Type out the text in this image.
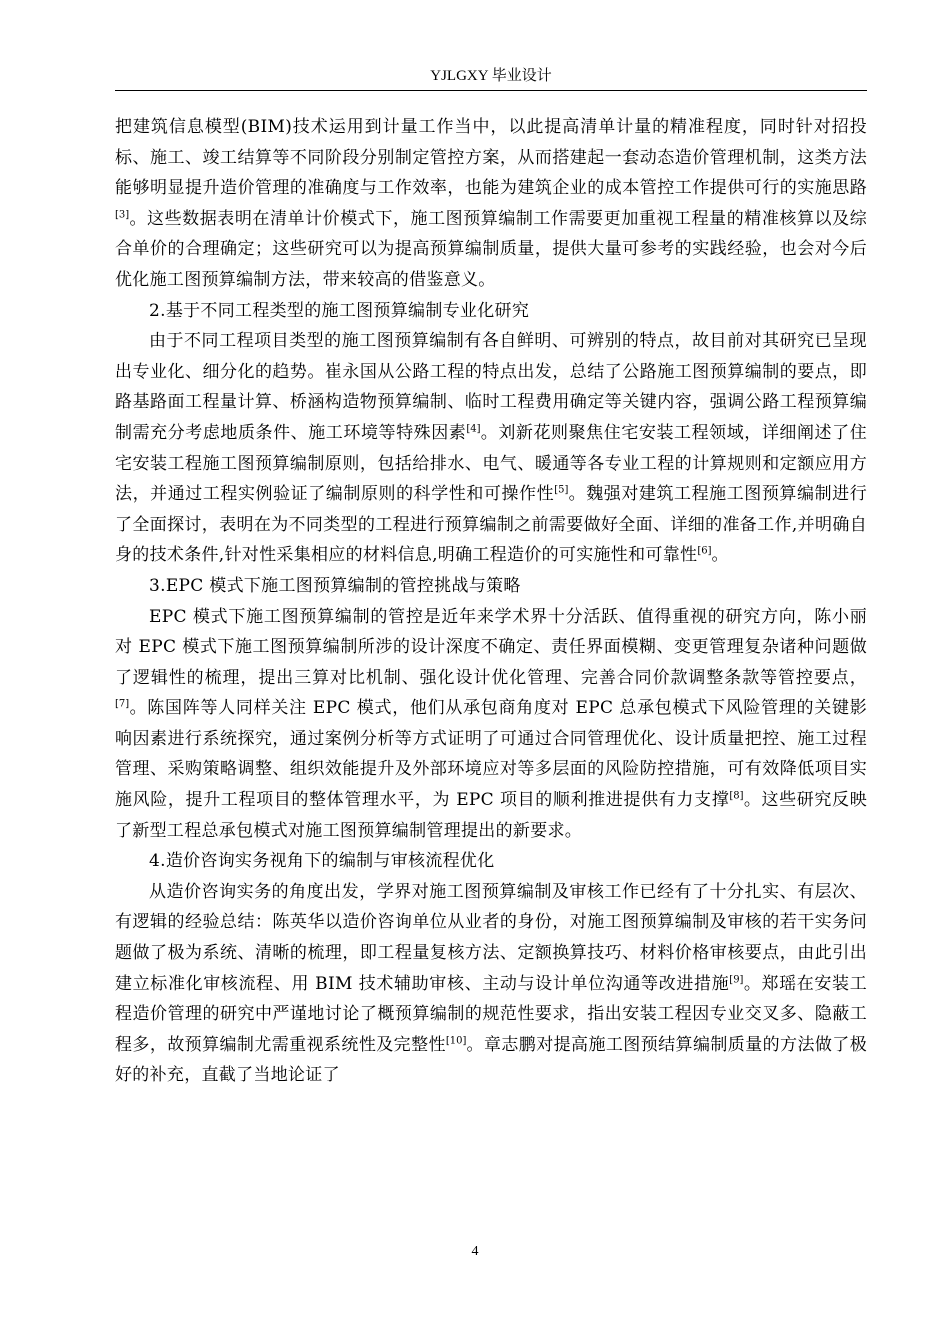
YJLGXY 毕业设计

把建筑信息模型(BIM)技术运用到计量工作当中，以此提高清单计量的精准程度，同时针对招投标、施工、竣工结算等不同阶段分别制定管控方案，从而搭建起一套动态造价管理机制，这类方法能够明显提升造价管理的准确度与工作效率，也能为建筑企业的成本管控工作提供可行的实施思路[3]。这些数据表明在清单计价模式下，施工图预算编制工作需要更加重视工程量的精准核算以及综合单价的合理确定；这些研究可以为提高预算编制质量，提供大量可参考的实践经验，也会对今后优化施工图预算编制方法，带来较高的借鉴意义。

2.基于不同工程类型的施工图预算编制专业化研究

由于不同工程项目类型的施工图预算编制有各自鲜明、可辨别的特点，故目前对其研究已呈现出专业化、细分化的趋势。崔永国从公路工程的特点出发，总结了公路施工图预算编制的要点，即路基路面工程量计算、桥涵构造物预算编制、临时工程费用确定等关键内容，强调公路工程预算编制需充分考虑地质条件、施工环境等特殊因素[4]。刘新花则聚焦住宅安装工程领域，详细阐述了住宅安装工程施工图预算编制原则，包括给排水、电气、暖通等各专业工程的计算规则和定额应用方法，并通过工程实例验证了编制原则的科学性和可操作性[5]。魏强对建筑工程施工图预算编制进行了全面探讨，表明在为不同类型的工程进行预算编制之前需要做好全面、详细的准备工作,并明确自身的技术条件,针对性采集相应的材料信息,明确工程造价的可实施性和可靠性[6]。

3.EPC 模式下施工图预算编制的管控挑战与策略

EPC 模式下施工图预算编制的管控是近年来学术界十分活跃、值得重视的研究方向，陈小丽对 EPC 模式下施工图预算编制所涉的设计深度不确定、责任界面模糊、变更管理复杂诸种问题做了逻辑性的梳理，提出三算对比机制、强化设计优化管理、完善合同价款调整条款等管控要点，[7]。陈国阵等人同样关注 EPC 模式，他们从承包商角度对 EPC 总承包模式下风险管理的关键影响因素进行系统探究，通过案例分析等方式证明了可通过合同管理优化、设计质量把控、施工过程管理、采购策略调整、组织效能提升及外部环境应对等多层面的风险防控措施，可有效降低项目实施风险，提升工程项目的整体管理水平，为 EPC 项目的顺利推进提供有力支撑[8]。这些研究反映了新型工程总承包模式对施工图预算编制管理提出的新要求。

4.造价咨询实务视角下的编制与审核流程优化

从造价咨询实务的角度出发，学界对施工图预算编制及审核工作已经有了十分扎实、有层次、有逻辑的经验总结：陈英华以造价咨询单位从业者的身份，对施工图预算编制及审核的若干实务问题做了极为系统、清晰的梳理，即工程量复核方法、定额换算技巧、材料价格审核要点，由此引出建立标准化审核流程、用 BIM 技术辅助审核、主动与设计单位沟通等改进措施[9]。郑瑶在安装工程造价管理的研究中严谨地讨论了概预算编制的规范性要求，指出安装工程因专业交叉多、隐蔽工程多，故预算编制尤需重视系统性及完整性[10]。章志鹏对提高施工图预结算编制质量的方法做了极好的补充，直截了当地论证了

4
